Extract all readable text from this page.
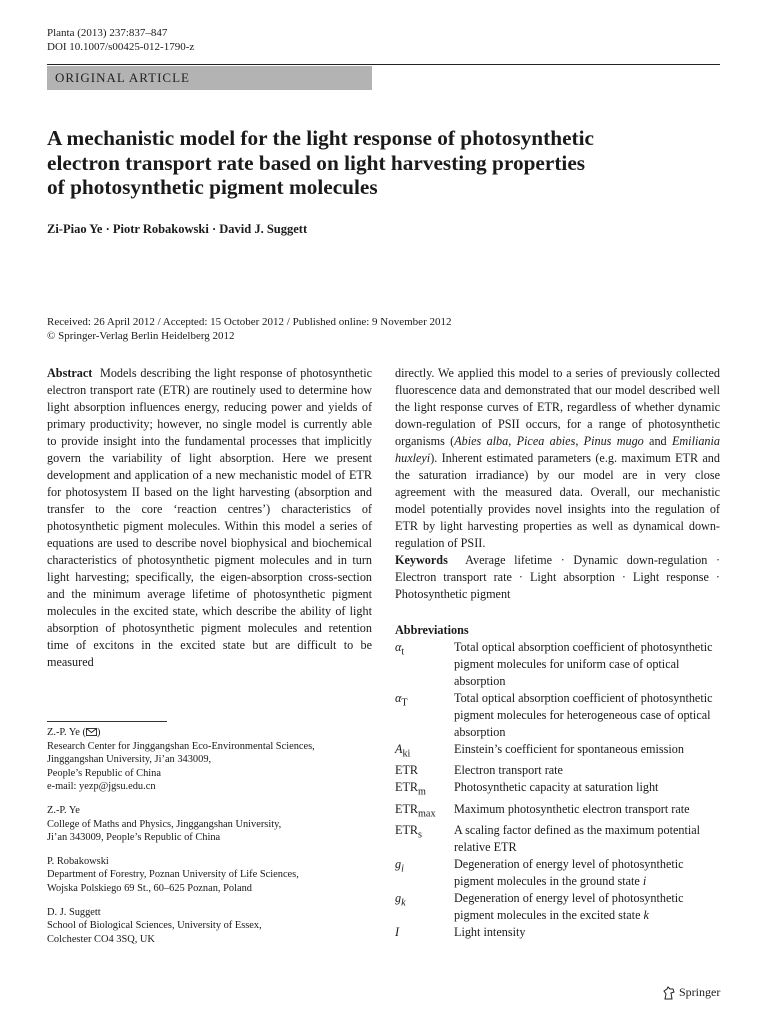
Planta (2013) 237:837–847
DOI 10.1007/s00425-012-1790-z
ORIGINAL ARTICLE
A mechanistic model for the light response of photosynthetic
electron transport rate based on light harvesting properties
of photosynthetic pigment molecules
Zi-Piao Ye · Piotr Robakowski · David J. Suggett
Received: 26 April 2012 / Accepted: 15 October 2012 / Published online: 9 November 2012
© Springer-Verlag Berlin Heidelberg 2012

Abstract Models describing the light response of photosynthetic electron transport rate (ETR) are routinely used to determine how light absorption influences energy, reducing power and yields of primary productivity; however, no single model is currently able to provide insight into the fundamental processes that implicitly govern the variability of light absorption. Here we present development and application of a new mechanistic model of ETR for photosystem II based on the light harvesting (absorption and transfer to the core ‘reaction centres’) characteristics of photosynthetic pigment molecules. Within this model a series of equations are used to describe novel biophysical and biochemical characteristics of photosynthetic pigment molecules and in turn light harvesting; specifically, the eigen-absorption cross-section and the minimum average lifetime of photosynthetic pigment molecules in the excited state, which describe the ability of light absorption of photosynthetic pigment molecules and retention time of excitons in the excited state but are difficult to be measured

directly. We applied this model to a series of previously collected fluorescence data and demonstrated that our model described well the light response curves of ETR, regardless of whether dynamic down-regulation of PSII occurs, for a range of photosynthetic organisms (Abies alba, Picea abies, Pinus mugo and Emiliania huxleyi). Inherent estimated parameters (e.g. maximum ETR and the saturation irradiance) by our model are in very close agreement with the measured data. Overall, our mechanistic model potentially provides novel insights into the regulation of ETR by light harvesting properties as well as dynamical down-regulation of PSII.

Keywords Average lifetime · Dynamic down-regulation · Electron transport rate · Light absorption · Light response · Photosynthetic pigment

Abbreviations
$\alpha_t$	Total optical absorption coefficient of photosynthetic pigment molecules for uniform case of optical absorption
$\alpha_T$	Total optical absorption coefficient of photosynthetic pigment molecules for heterogeneous case of optical absorption
$A_{ki}$	Einstein’s coefficient for spontaneous emission
ETR	Electron transport rate
$ETR_m$	Photosynthetic capacity at saturation light
$ETR_{max}$	Maximum photosynthetic electron transport rate
$ETR_s$	A scaling factor defined as the maximum potential relative ETR
$g_i$	Degeneration of energy level of photosynthetic pigment molecules in the ground state i
$g_k$	Degeneration of energy level of photosynthetic pigment molecules in the excited state k
I	Light intensity
Z.-P. Ye ( )
Research Center for Jinggangshan Eco-Environmental Sciences,
Jinggangshan University, Ji’an 343009,
People’s Republic of China
e-mail: yezp@jgsu.edu.cn
Z.-P. Ye
College of Maths and Physics, Jinggangshan University,
Ji’an 343009, People’s Republic of China
P. Robakowski
Department of Forestry, Poznan University of Life Sciences,
Wojska Polskiego 69 St., 60–625 Poznan, Poland
D. J. Suggett
School of Biological Sciences, University of Essex,
Colchester CO4 3SQ, UK
Springer
